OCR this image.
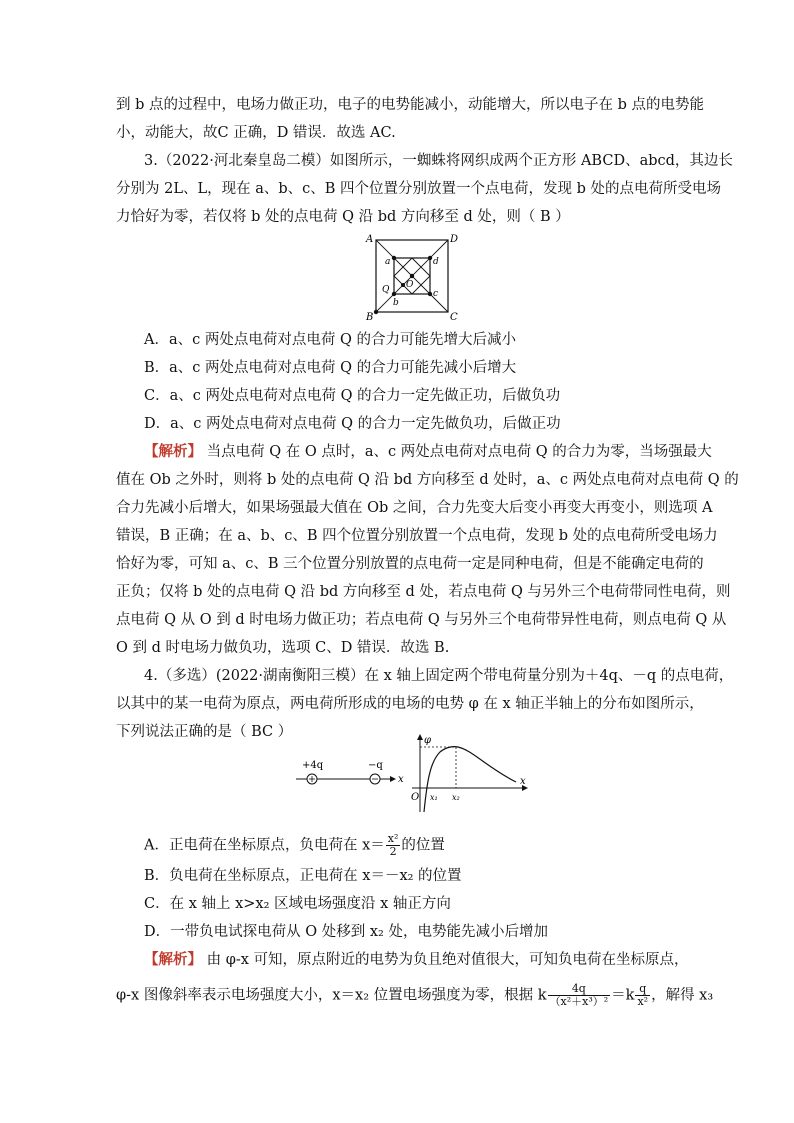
到 b 点的过程中，电场力做正功，电子的电势能减小，动能增大，所以电子在 b 点的电势能
小，动能大，故C 正确，D 错误．故选 AC.
3.（2022·河北秦皇岛二模）如图所示，一蜘蛛将网织成两个正方形 ABCD、abcd，其边长
分别为 2L、L，现在 a、b、c、B 四个位置分别放置一个点电荷，发现 b 处的点电荷所受电场
力恰好为零，若仅将 b 处的点电荷 Q 沿 bd 方向移至 d 处，则（ B ）
A	D
B	C
a	d
b
c
O
Q
A．a、c 两处点电荷对点电荷 Q 的合力可能先增大后减小
B．a、c 两处点电荷对点电荷 Q 的合力可能先减小后增大
C．a、c 两处点电荷对点电荷 Q 的合力一定先做正功，后做负功
D．a、c 两处点电荷对点电荷 Q 的合力一定先做负功，后做正功
【解析】 当点电荷 Q 在 O 点时，a、c 两处点电荷对点电荷 Q 的合力为零，当场强最大
值在 Ob 之外时，则将 b 处的点电荷 Q 沿 bd 方向移至 d 处时，a、c 两处点电荷对点电荷 Q 的
合力先减小后增大，如果场强最大值在 Ob 之间，合力先变大后变小再变大再变小，则选项 A
错误，B 正确；在 a、b、c、B 四个位置分别放置一个点电荷，发现 b 处的点电荷所受电场力
恰好为零，可知 a、c、B 三个位置分别放置的点电荷一定是同种电荷，但是不能确定电荷的
正负；仅将 b 处的点电荷 Q 沿 bd 方向移至 d 处，若点电荷 Q 与另外三个电荷带同性电荷，则
点电荷 Q 从 O 到 d 时电场力做正功；若点电荷 Q 与另外三个电荷带异性电荷，则点电荷 Q 从
O 到 d 时电场力做负功，选项 C、D 错误．故选 B.
4.（多选）(2022·湖南衡阳三模）在 x 轴上固定两个带电荷量分别为＋4q、－q 的点电荷，
以其中的某一电荷为原点，两电荷所形成的电场的电势 φ 在 x 轴正半轴上的分布如图所示，
下列说法正确的是（ BC ）
+4q	−q
x
φ
x
O x₁ x₂
A．正电荷在坐标原点，负电荷在 $x= \frac{\text{x²}}{2}$ 的位置
B．负电荷在坐标原点，正电荷在 x＝－x₂ 的位置
C．在 x 轴上 x>x₂ 区域电场强度沿 x 轴正方向
D．一带负电试探电荷从 O 处移到 x₂ 处，电势能先减小后增加
【解析】 由 φ-x 可知，原点附近的电势为负且绝对值很大，可知负电荷在坐标原点，
φ-x 图像斜率表示电场强度大小，x＝x₂ 位置电场强度为零，根据 k $\frac{4q}{\text{（x²＋x³）²}} =k \frac{q}{\text{x²}}$ ，解得 x₃
